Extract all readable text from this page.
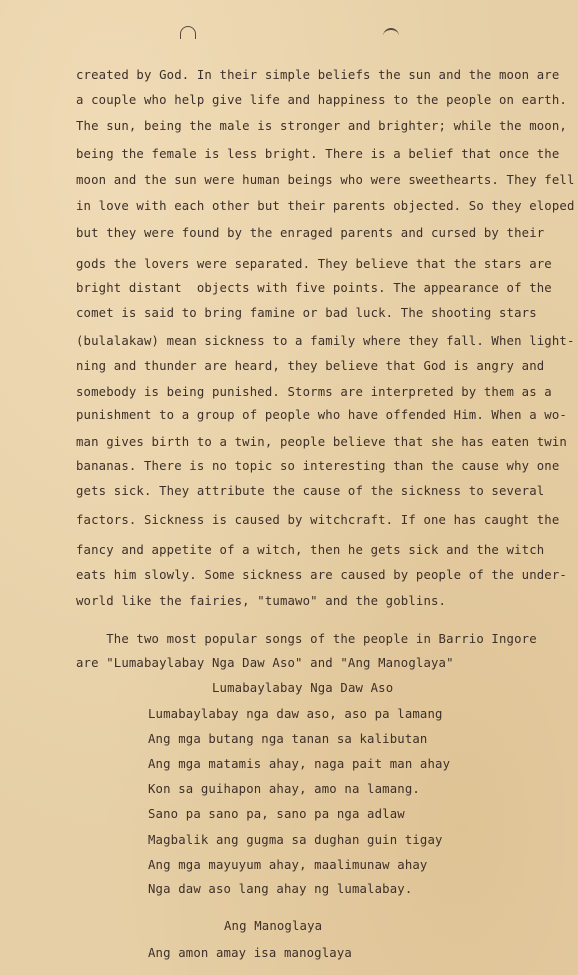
created by God. In their simple beliefs the sun and the moon are
a couple who help give life and happiness to the people on earth.
The sun, being the male is stronger and brighter; while the moon,
being the female is less bright. There is a belief that once the
moon and the sun were human beings who were sweethearts. They fell
in love with each other but their parents objected. So they eloped
but they were found by the enraged parents and cursed by their
gods the lovers were separated. They believe that the stars are
bright distant  objects with five points. The appearance of the
comet is said to bring famine or bad luck. The shooting stars
(bulalakaw) mean sickness to a family where they fall. When light-
ning and thunder are heard, they believe that God is angry and
somebody is being punished. Storms are interpreted by them as a
punishment to a group of people who have offended Him. When a wo-
man gives birth to a twin, people believe that she has eaten twin
bananas. There is no topic so interesting than the cause why one
gets sick. They attribute the cause of the sickness to several
factors. Sickness is caused by witchcraft. If one has caught the
fancy and appetite of a witch, then he gets sick and the witch
eats him slowly. Some sickness are caused by people of the under-
world like the fairies, "tumawo" and the goblins.
The two most popular songs of the people in Barrio Ingore
are "Lumabaylabay Nga Daw Aso" and "Ang Manoglaya"
Lumabaylabay Nga Daw Aso
Lumabaylabay nga daw aso, aso pa lamang
Ang mga butang nga tanan sa kalibutan
Ang mga matamis ahay, naga pait man ahay
Kon sa guihapon ahay, amo na lamang.
Sano pa sano pa, sano pa nga adlaw
Magbalik ang gugma sa dughan guin tigay
Ang mga mayuyum ahay, maalimunaw ahay
Nga daw aso lang ahay ng lumalabay.
Ang Manoglaya
Ang amon amay isa manoglaya
